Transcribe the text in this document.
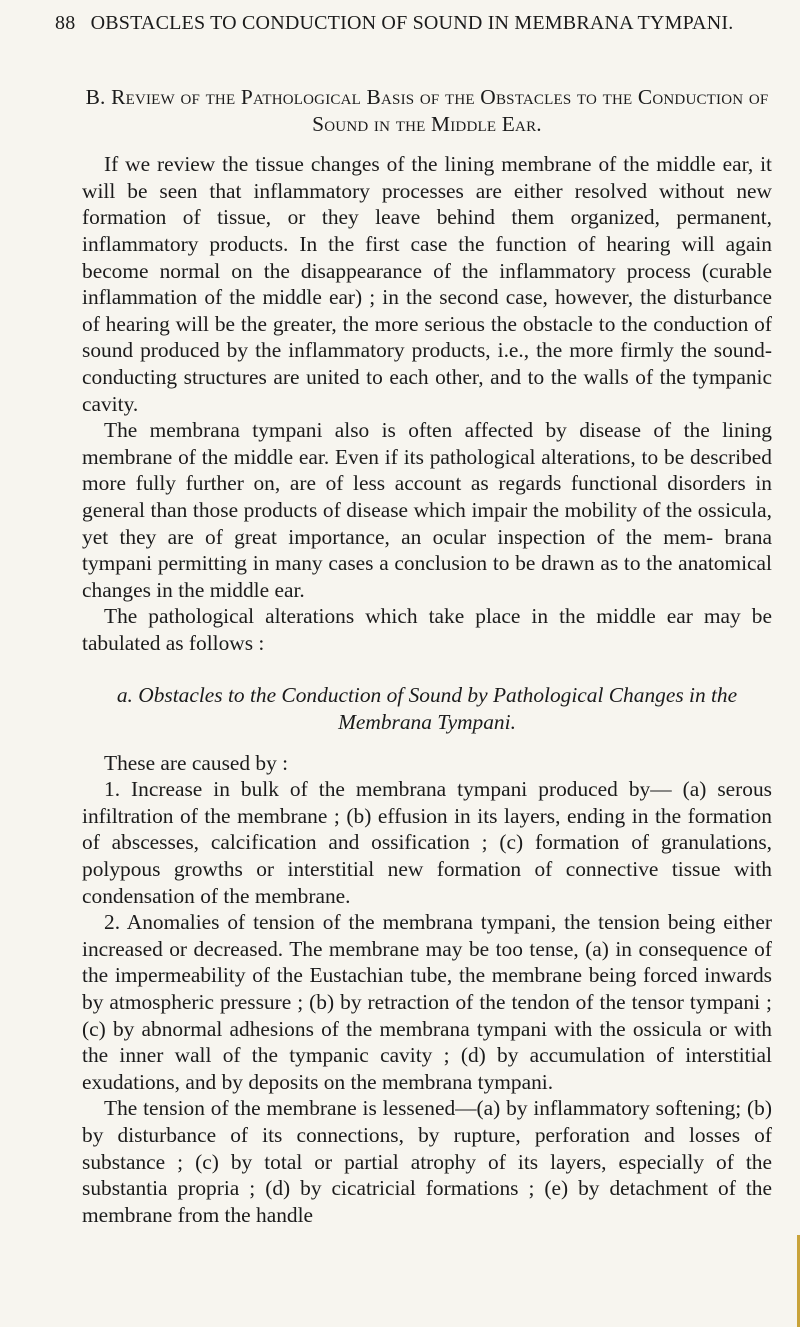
88 OBSTACLES TO CONDUCTION OF SOUND IN MEMBRANA TYMPANI.
B. Review of the Pathological Basis of the Obstacles to the Conduction of Sound in the Middle Ear.

If we review the tissue changes of the lining membrane of the middle ear, it will be seen that inflammatory processes are either resolved without new formation of tissue, or they leave behind them organized, permanent, inflammatory products. In the first case the function of hearing will again become normal on the disappearance of the inflammatory process (curable inflammation of the middle ear) ; in the second case, however, the disturbance of hearing will be the greater, the more serious the obstacle to the conduction of sound produced by the inflammatory products, i.e., the more firmly the sound-conducting structures are united to each other, and to the walls of the tympanic cavity.

The membrana tympani also is often affected by disease of the lining membrane of the middle ear. Even if its pathological alterations, to be described more fully further on, are of less account as regards functional disorders in general than those products of disease which impair the mobility of the ossicula, yet they are of great importance, an ocular inspection of the mem- brana tympani permitting in many cases a conclusion to be drawn as to the anatomical changes in the middle ear.

The pathological alterations which take place in the middle ear may be tabulated as follows :

a. Obstacles to the Conduction of Sound by Pathological Changes in the Membrana Tympani.

These are caused by :

1. Increase in bulk of the membrana tympani produced by— (a) serous infiltration of the membrane ; (b) effusion in its layers, ending in the formation of abscesses, calcification and ossification ; (c) formation of granulations, polypous growths or interstitial new formation of connective tissue with condensation of the membrane.

2. Anomalies of tension of the membrana tympani, the tension being either increased or decreased. The membrane may be too tense, (a) in consequence of the impermeability of the Eustachian tube, the membrane being forced inwards by atmospheric pressure ; (b) by retraction of the tendon of the tensor tympani ; (c) by abnormal adhesions of the membrana tympani with the ossicula or with the inner wall of the tympanic cavity ; (d) by accumulation of interstitial exudations, and by deposits on the membrana tympani.

The tension of the membrane is lessened—(a) by inflammatory softening; (b) by disturbance of its connections, by rupture, perforation and losses of substance ; (c) by total or partial atrophy of its layers, especially of the substantia propria ; (d) by cicatricial formations ; (e) by detachment of the membrane from the handle
